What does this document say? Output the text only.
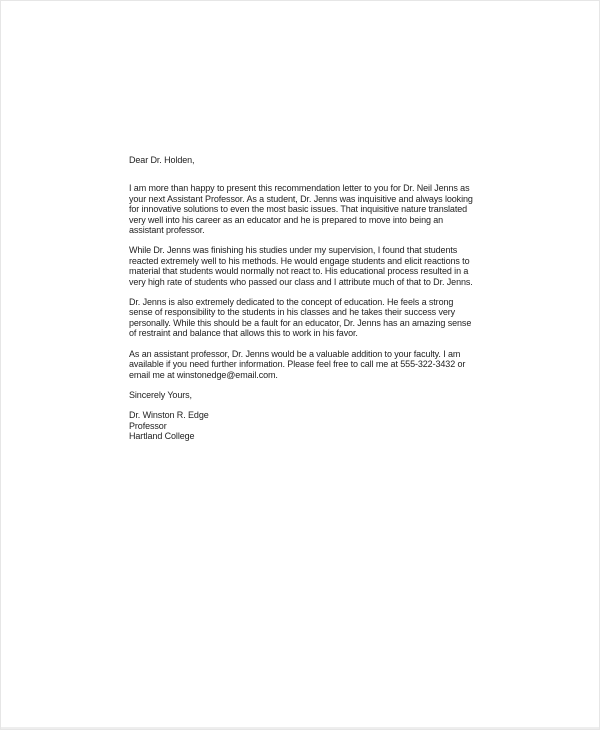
Dear Dr. Holden,

I am more than happy to present this recommendation letter to you for Dr. Neil Jenns as your next Assistant Professor. As a student, Dr. Jenns was inquisitive and always looking for innovative solutions to even the most basic issues. That inquisitive nature translated very well into his career as an educator and he is prepared to move into being an assistant professor.

While Dr. Jenns was finishing his studies under my supervision, I found that students reacted extremely well to his methods. He would engage students and elicit reactions to material that students would normally not react to. His educational process resulted in a very high rate of students who passed our class and I attribute much of that to Dr. Jenns.

Dr. Jenns is also extremely dedicated to the concept of education. He feels a strong sense of responsibility to the students in his classes and he takes their success very personally. While this should be a fault for an educator, Dr. Jenns has an amazing sense of restraint and balance that allows this to work in his favor.

As an assistant professor, Dr. Jenns would be a valuable addition to your faculty. I am available if you need further information. Please feel free to call me at 555-322-3432 or email me at winstonedge@email.com.

Sincerely Yours,

Dr. Winston R. Edge

Professor

Hartland College
